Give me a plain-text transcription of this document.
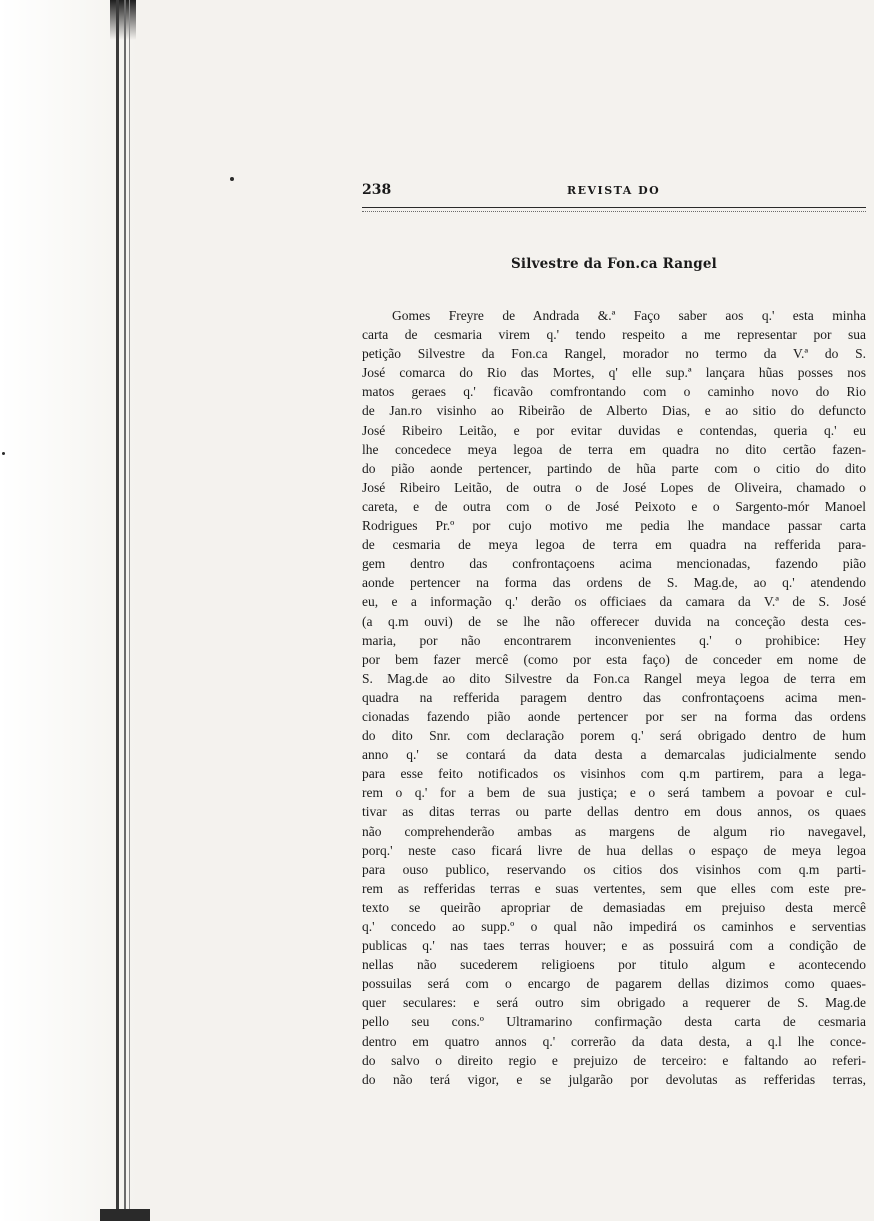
238	REVISTA DO
Silvestre da Fon.ca Rangel
Gomes Freyre de Andrada &.ª Faço saber aos q.' esta minha
carta de cesmaria virem q.' tendo respeito a me representar por sua
petição Silvestre da Fon.ca Rangel, morador no termo da V.ª do S.
José comarca do Rio das Mortes, q' elle sup.ª lançara hũas posses nos
matos geraes q.' ficavão comfrontando com o caminho novo do Rio
de Jan.ro visinho ao Ribeirão de Alberto Dias, e ao sitio do defuncto
José Ribeiro Leitão, e por evitar duvidas e contendas, queria q.' eu
lhe concedece meya legoa de terra em quadra no dito certão fazen-
do pião aonde pertencer, partindo de hũa parte com o citio do dito
José Ribeiro Leitão, de outra o de José Lopes de Oliveira, chamado o
careta, e de outra com o de José Peixoto e o Sargento-mór Manoel
Rodrigues Pr.º por cujo motivo me pedia lhe mandace passar carta
de cesmaria de meya legoa de terra em quadra na refferida para-
gem dentro das confrontaçoens acima mencionadas, fazendo pião
aonde pertencer na forma das ordens de S. Mag.de, ao q.' atendendo
eu, e a informação q.' derão os officiaes da camara da V.ª de S. José
(a q.m ouvi) de se lhe não offerecer duvida na conceção desta ces-
maria, por não encontrarem inconvenientes q.' o prohibice: Hey
por bem fazer mercê (como por esta faço) de conceder em nome de
S. Mag.de ao dito Silvestre da Fon.ca Rangel meya legoa de terra em
quadra na refferida paragem dentro das confrontaçoens acima men-
cionadas fazendo pião aonde pertencer por ser na forma das ordens
do dito Snr. com declaração porem q.' será obrigado dentro de hum
anno q.' se contará da data desta a demarcalas judicialmente sendo
para esse feito notificados os visinhos com q.m partirem, para a lega-
rem o q.' for a bem de sua justiça; e o será tambem a povoar e cul-
tivar as ditas terras ou parte dellas dentro em dous annos, os quaes
não comprehenderão ambas as margens de algum rio navegavel,
porq.' neste caso ficará livre de hua dellas o espaço de meya legoa
para ouso publico, reservando os citios dos visinhos com q.m parti-
rem as refferidas terras e suas vertentes, sem que elles com este pre-
texto se queirão apropriar de demasiadas em prejuiso desta mercê
q.' concedo ao supp.º o qual não impedirá os caminhos e serventias
publicas q.' nas taes terras houver; e as possuirá com a condição de
nellas não sucederem religioens por titulo algum e acontecendo
possuilas será com o encargo de pagarem dellas dizimos como quaes-
quer seculares: e será outro sim obrigado a requerer de S. Mag.de
pello seu cons.º Ultramarino confirmação desta carta de cesmaria
dentro em quatro annos q.' correrão da data desta, a q.l lhe conce-
do salvo o direito regio e prejuizo de terceiro: e faltando ao referi-
do não terá vigor, e se julgarão por devolutas as refferidas terras,
